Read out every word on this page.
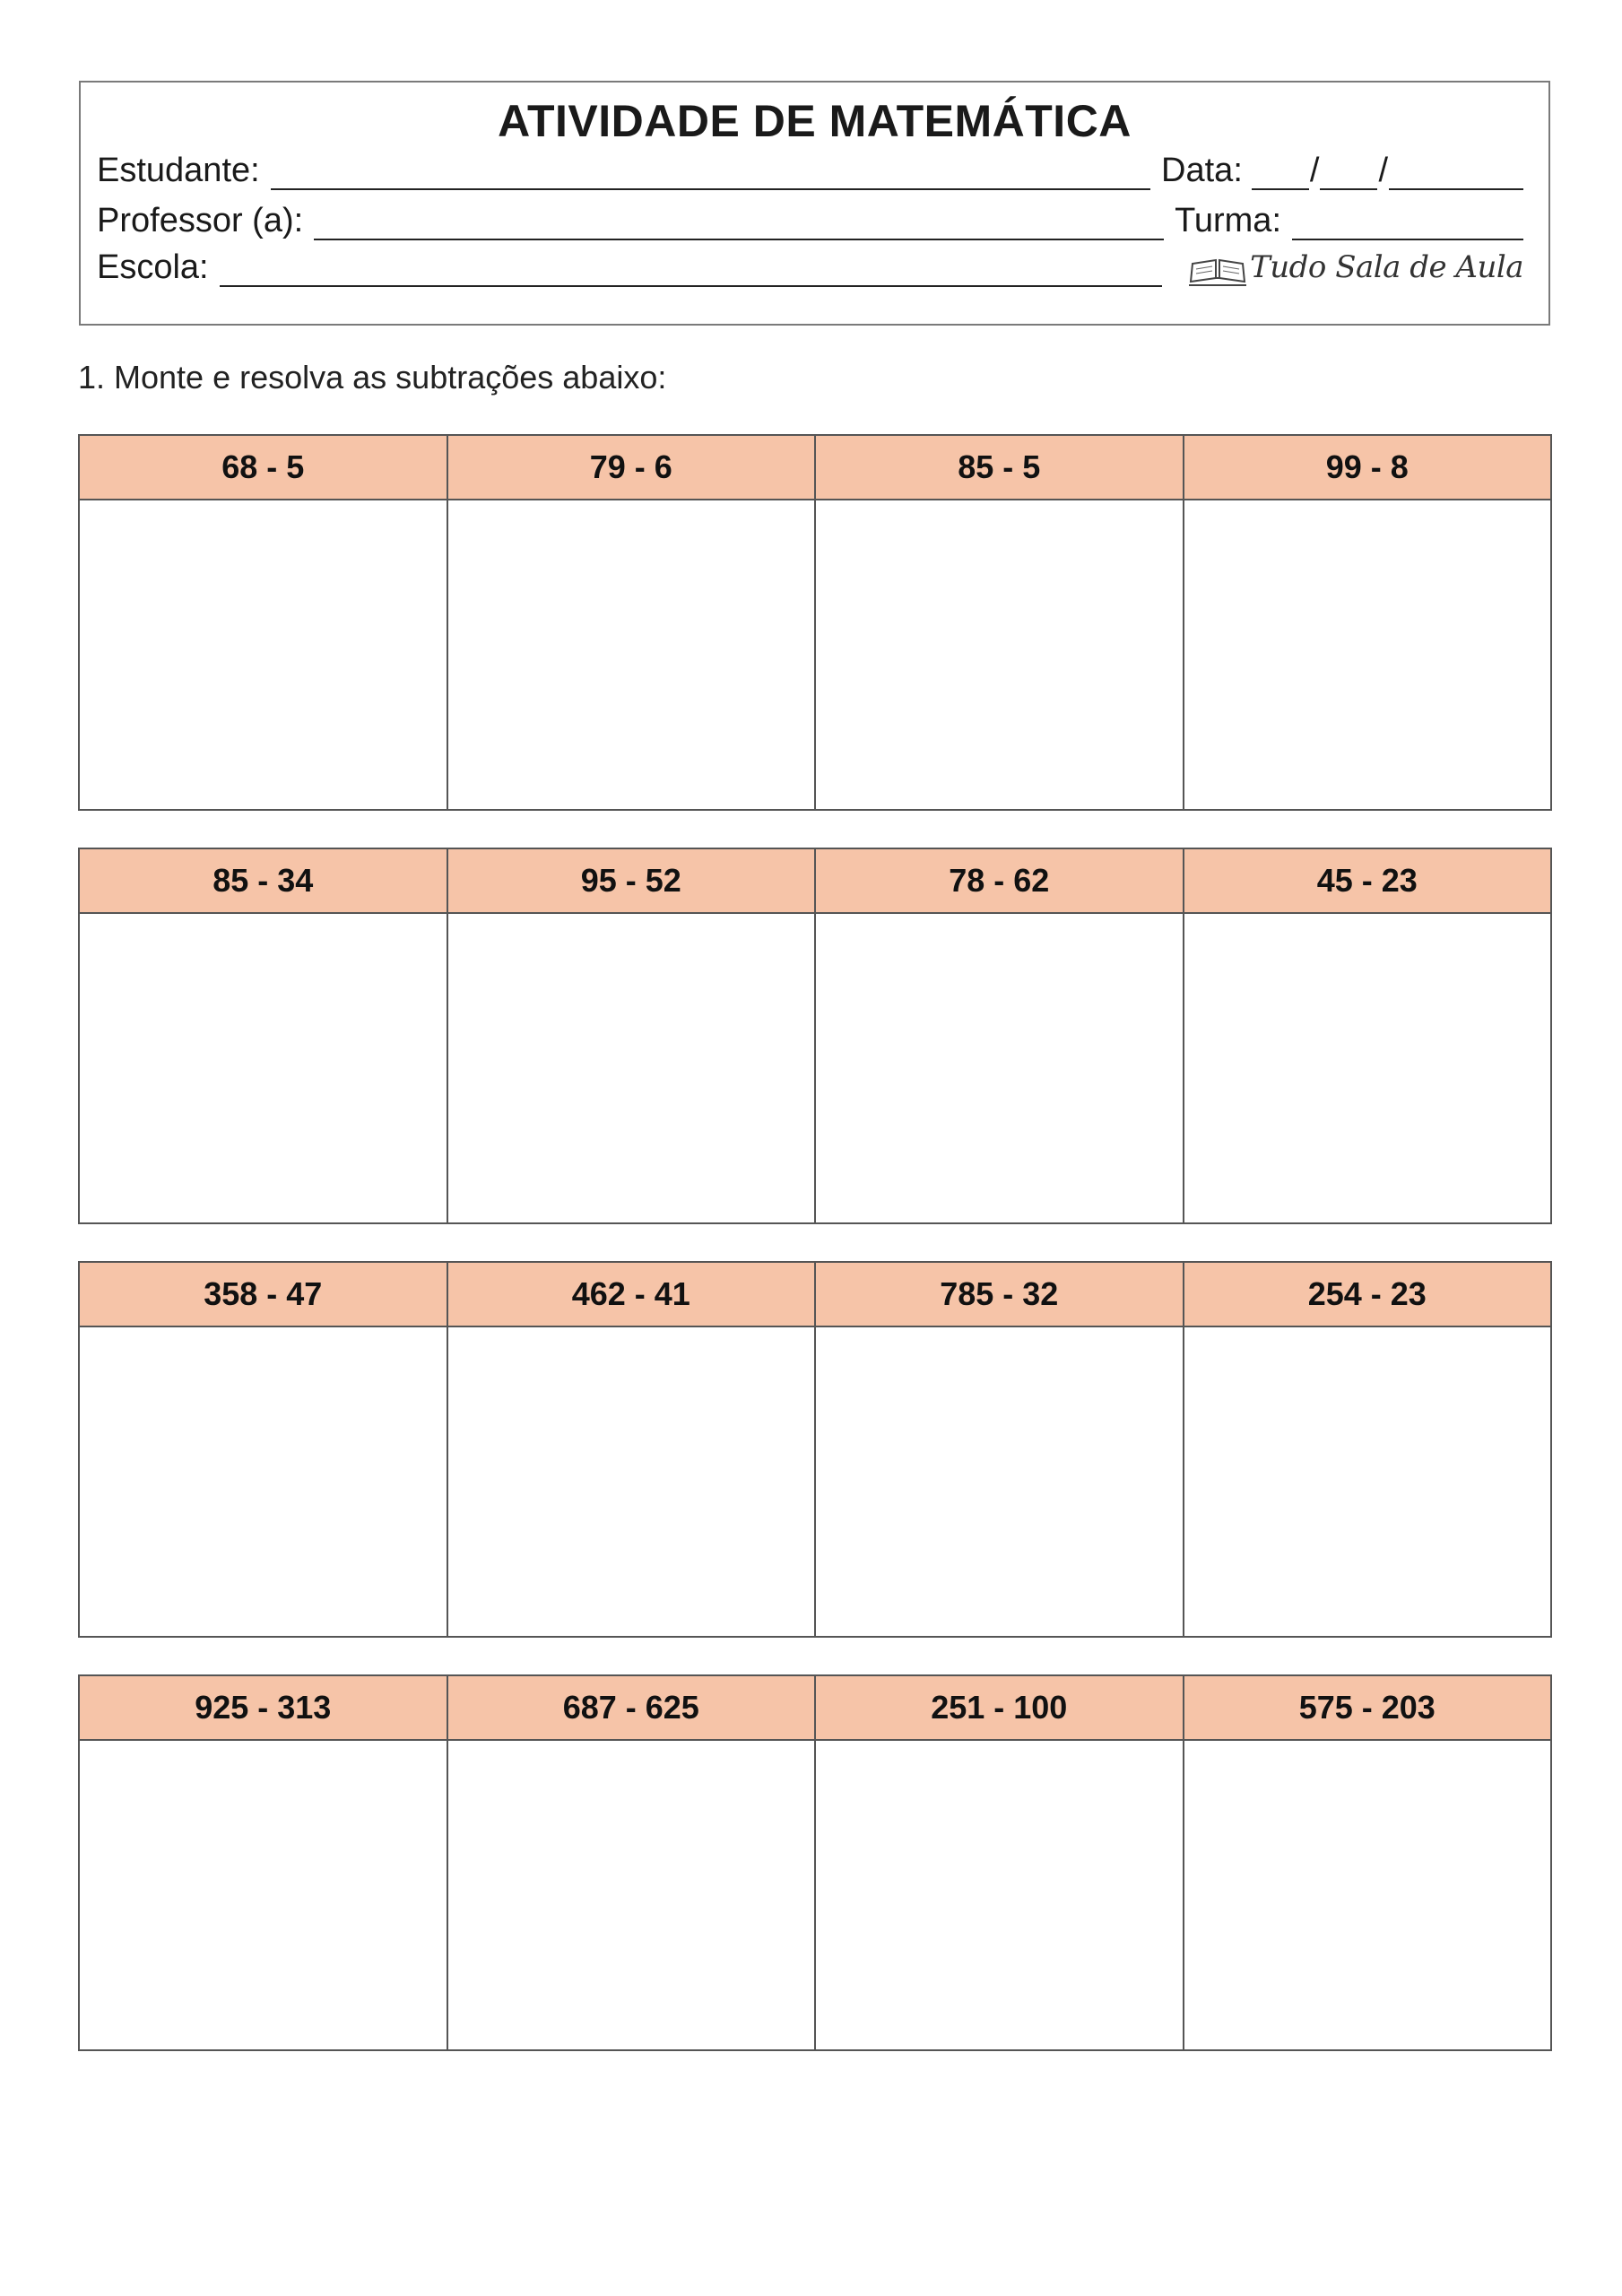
ATIVIDADE DE MATEMÁTICA
Estudante:	Data:	/ /
Professor (a):	Turma:
Escola:	Tudo Sala de Aula
1. Monte e resolva as subtrações abaixo:
68 - 5	79 - 6	85 - 5	99 - 8

85 - 34	95 - 52	78 - 62	45 - 23

358 - 47	462 - 41	785 - 32	254 - 23

925 - 313	687 - 625	251 - 100	575 - 203
